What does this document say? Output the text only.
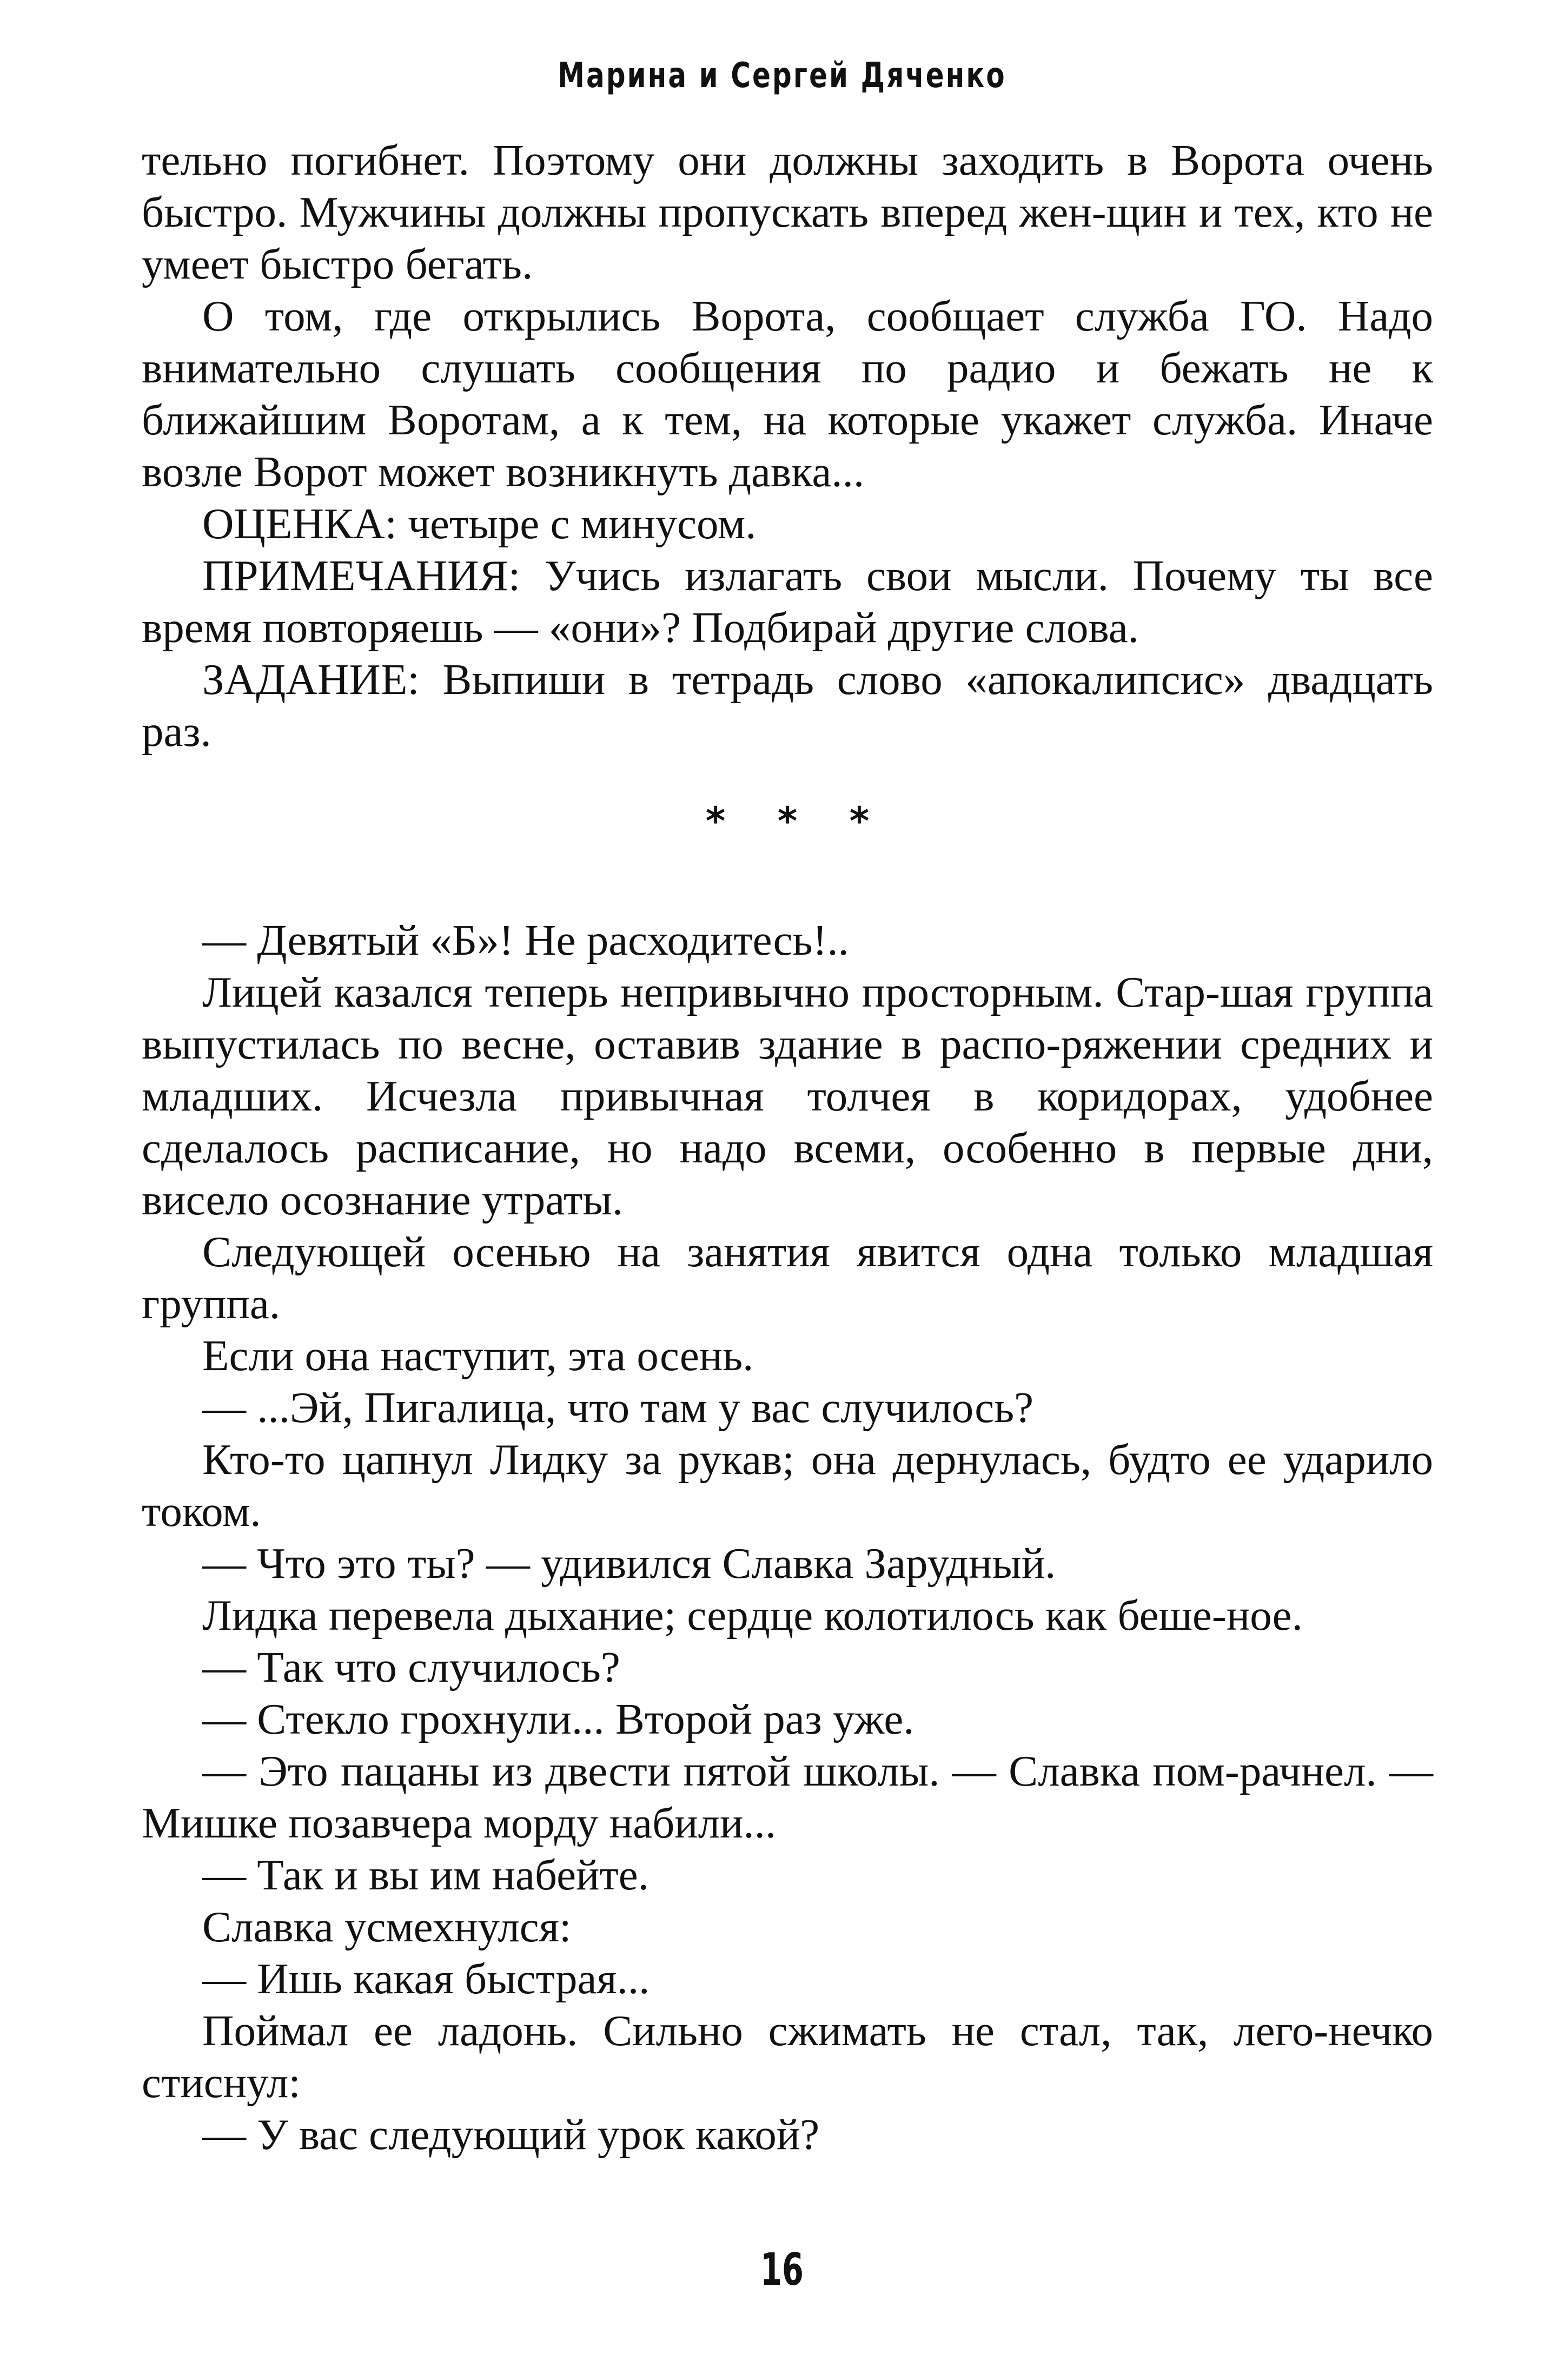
Марина и Сергей Дяченко

тельно погибнет. Поэтому они должны заходить в Ворота очень быстро. Мужчины должны пропускать вперед жен-щин и тех, кто не умеет быстро бегать.

О том, где открылись Ворота, сообщает служба ГО. Надо внимательно слушать сообщения по радио и бежать не к ближайшим Воротам, а к тем, на которые укажет служба. Иначе возле Ворот может возникнуть давка...

ОЦЕНКА: четыре с минусом.

ПРИМЕЧАНИЯ: Учись излагать свои мысли. Почему ты все время повторяешь — «они»? Подбирай другие слова.

ЗАДАНИЕ: Выпиши в тетрадь слово «апокалипсис» двадцать раз.

* * *

— Девятый «Б»! Не расходитесь!..

Лицей казался теперь непривычно просторным. Стар-шая группа выпустилась по весне, оставив здание в распо-ряжении средних и младших. Исчезла привычная толчея в коридорах, удобнее сделалось расписание, но надо всеми, особенно в первые дни, висело осознание утраты.

Следующей осенью на занятия явится одна только младшая группа.

Если она наступит, эта осень.

— ...Эй, Пигалица, что там у вас случилось?

Кто-то цапнул Лидку за рукав; она дернулась, будто ее ударило током.

— Что это ты? — удивился Славка Зарудный.

Лидка перевела дыхание; сердце колотилось как беше-ное.

— Так что случилось?

— Стекло грохнули... Второй раз уже.

— Это пацаны из двести пятой школы. — Славка пом-рачнел. — Мишке позавчера морду набили...

— Так и вы им набейте.

Славка усмехнулся:

— Ишь какая быстрая...

Поймал ее ладонь. Сильно сжимать не стал, так, лего-нечко стиснул:

— У вас следующий урок какой?

16
